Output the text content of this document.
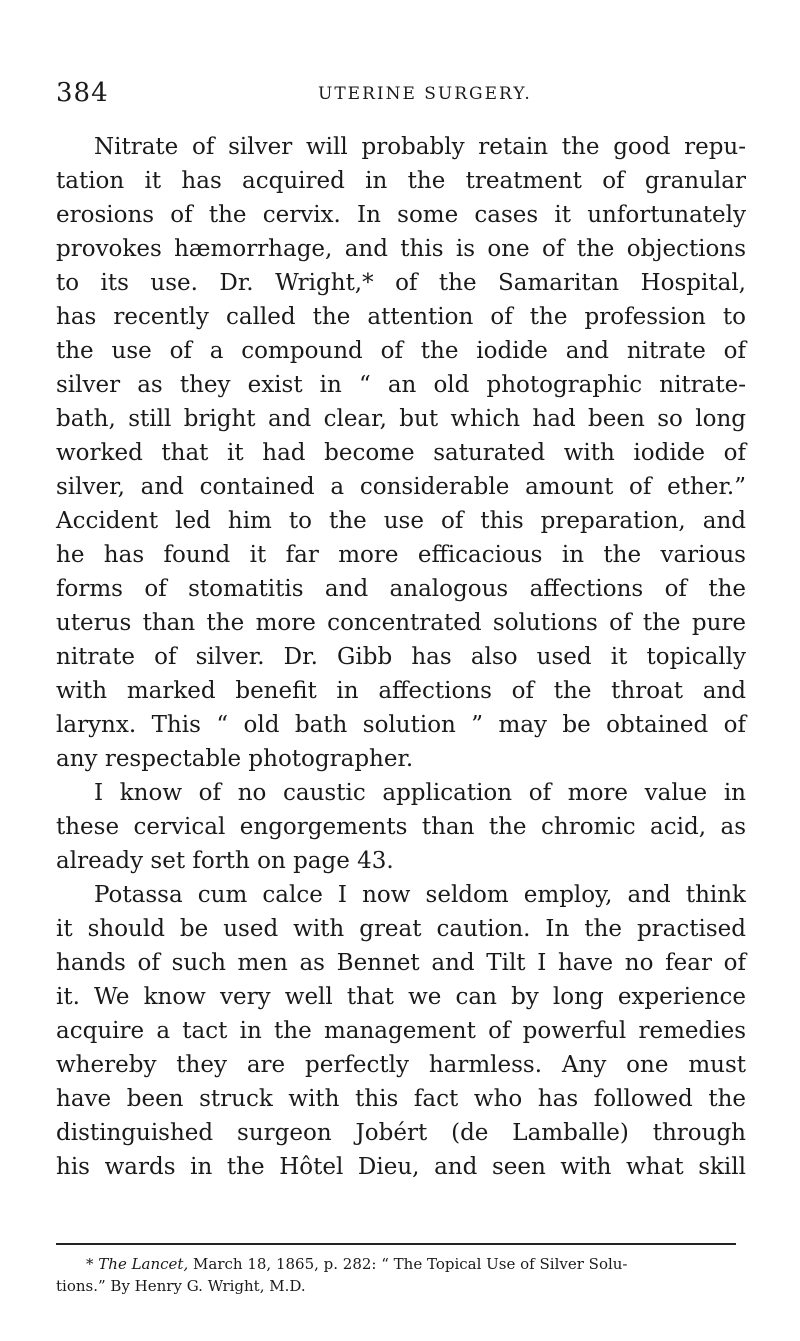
384	UTERINE SURGERY.
Nitrate of silver will probably retain the good repu-
tation it has acquired in the treatment of granular
erosions of the cervix. In some cases it unfortunately
provokes hæmorrhage, and this is one of the objections
to its use. Dr. Wright,* of the Samaritan Hospital,
has recently called the attention of the profession to
the use of a compound of the iodide and nitrate of
silver as they exist in “ an old photographic nitrate-
bath, still bright and clear, but which had been so long
worked that it had become saturated with iodide of
silver, and contained a considerable amount of ether.”
Accident led him to the use of this preparation, and
he has found it far more efficacious in the various
forms of stomatitis and analogous affections of the
uterus than the more concentrated solutions of the pure
nitrate of silver. Dr. Gibb has also used it topically
with marked benefit in affections of the throat and
larynx. This “ old bath solution ” may be obtained of
any respectable photographer.
I know of no caustic application of more value in
these cervical engorgements than the chromic acid, as
already set forth on page 43.
Potassa cum calce I now seldom employ, and think
it should be used with great caution. In the practised
hands of such men as Bennet and Tilt I have no fear of
it. We know very well that we can by long experience
acquire a tact in the management of powerful remedies
whereby they are perfectly harmless. Any one must
have been struck with this fact who has followed the
distinguished surgeon Jobért (de Lamballe) through
his wards in the Hôtel Dieu, and seen with what skill
* The Lancet, March 18, 1865, p. 282: “ The Topical Use of Silver Solu-
tions.” By Henry G. Wright, M.D.
